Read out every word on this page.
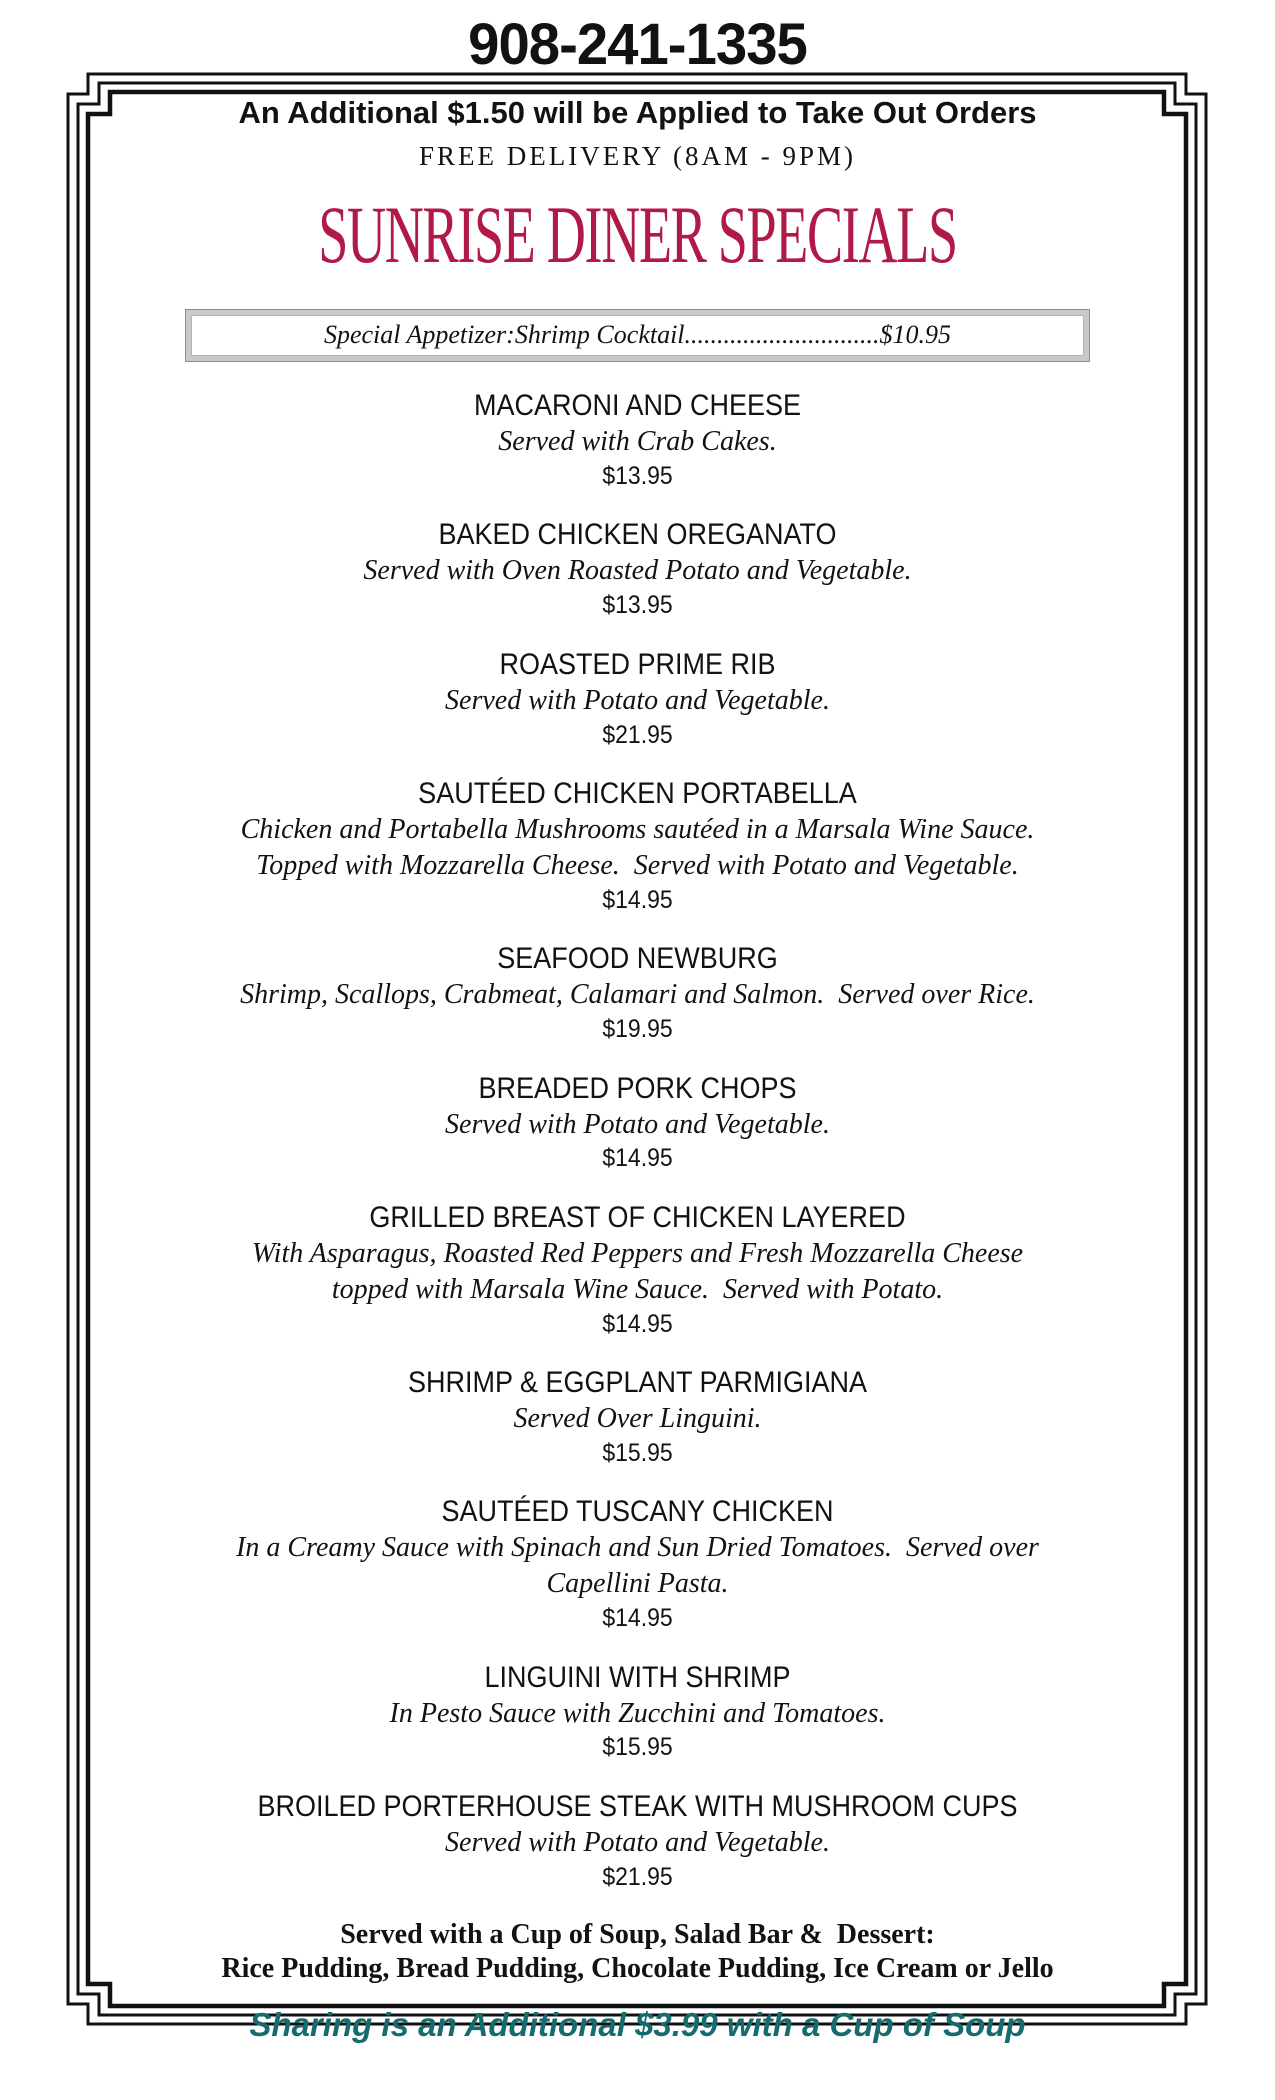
908-241-1335
An Additional $1.50 will be Applied to Take Out Orders
FREE DELIVERY (8AM - 9PM)
SUNRISE DINER SPECIALS
Special Appetizer:Shrimp Cocktail..............................$10.95
MACARONI AND CHEESE
Served with Crab Cakes.
$13.95
BAKED CHICKEN OREGANATO
Served with Oven Roasted Potato and Vegetable.
$13.95
ROASTED PRIME RIB
Served with Potato and Vegetable.
$21.95
SAUTÉED CHICKEN PORTABELLA
Chicken and Portabella Mushrooms sautéed in a Marsala Wine Sauce.
Topped with Mozzarella Cheese.  Served with Potato and Vegetable.
$14.95
SEAFOOD NEWBURG
Shrimp, Scallops, Crabmeat, Calamari and Salmon.  Served over Rice.
$19.95
BREADED PORK CHOPS
Served with Potato and Vegetable.
$14.95
GRILLED BREAST OF CHICKEN LAYERED
With Asparagus, Roasted Red Peppers and Fresh Mozzarella Cheese
topped with Marsala Wine Sauce.  Served with Potato.
$14.95
SHRIMP & EGGPLANT PARMIGIANA
Served Over Linguini.
$15.95
SAUTÉED TUSCANY CHICKEN
In a Creamy Sauce with Spinach and Sun Dried Tomatoes.  Served over
Capellini Pasta.
$14.95
LINGUINI WITH SHRIMP
In Pesto Sauce with Zucchini and Tomatoes.
$15.95
BROILED PORTERHOUSE STEAK WITH MUSHROOM CUPS
Served with Potato and Vegetable.
$21.95
Served with a Cup of Soup, Salad Bar &  Dessert:
Rice Pudding, Bread Pudding, Chocolate Pudding, Ice Cream or Jello
Sharing is an Additional $3.99 with a Cup of Soup
